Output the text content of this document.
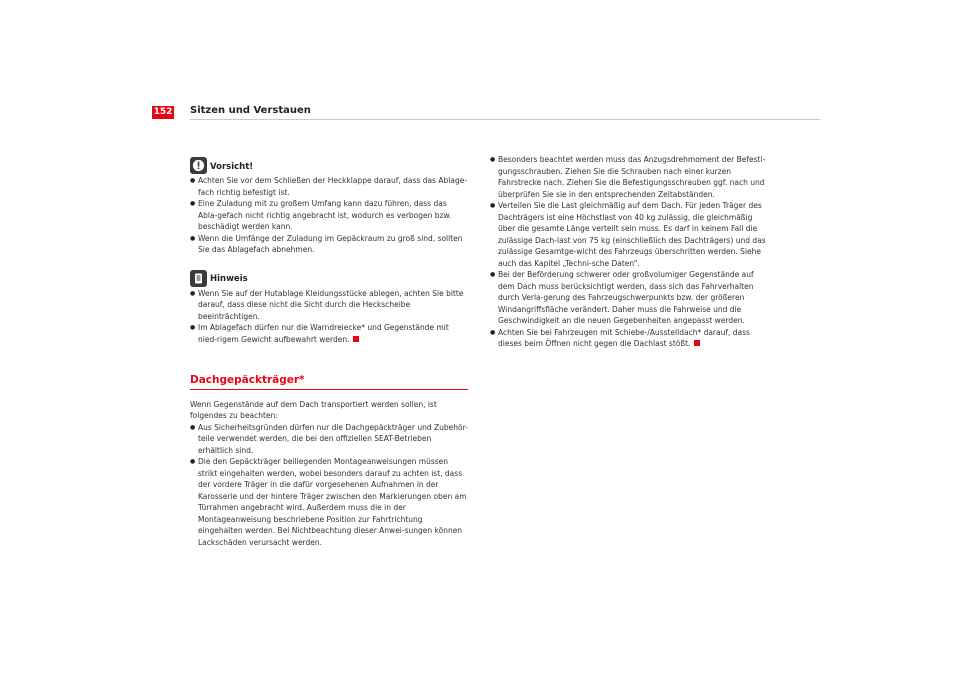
152 Sitzen und Verstauen
Vorsicht!
● Achten Sie vor dem Schließen der Heckklappe darauf, dass das Ablage-fach richtig befestigt ist.
● Eine Zuladung mit zu großem Umfang kann dazu führen, dass das Abla-gefach nicht richtig angebracht ist, wodurch es verbogen bzw. beschädigt werden kann.
● Wenn die Umfänge der Zuladung im Gepäckraum zu groß sind, sollten Sie das Ablagefach abnehmen.
Hinweis
● Wenn Sie auf der Hutablage Kleidungsstücke ablegen, achten Sie bitte darauf, dass diese nicht die Sicht durch die Heckscheibe beeinträchtigen.
● Im Ablagefach dürfen nur die Warndreiecke* und Gegenstände mit nied-rigem Gewicht aufbewahrt werden.
Dachgepäckträger*

Wenn Gegenstände auf dem Dach transportiert werden sollen, ist folgendes zu beachten:

● Aus Sicherheitsgründen dürfen nur die Dachgepäckträger und Zubehör-teile verwendet werden, die bei den offiziellen SEAT-Betrieben erhältlich sind.
● Die den Gepäckträger beiliegenden Montageanweisungen müssen strikt eingehalten werden, wobei besonders darauf zu achten ist, dass der vordere Träger in die dafür vorgesehenen Aufnahmen in der Karosserie und der hintere Träger zwischen den Markierungen oben am Türrahmen angebracht wird. Außerdem muss die in der Montageanweisung beschriebene Position zur Fahrtrichtung eingehalten werden. Bei Nichtbeachtung dieser Anwei-sungen können Lackschäden verursacht werden.
● Besonders beachtet werden muss das Anzugsdrehmoment der Befesti-gungsschrauben. Ziehen Sie die Schrauben nach einer kurzen Fahrstrecke nach. Ziehen Sie die Befestigungsschrauben ggf. nach und überprüfen Sie sie in den entsprechenden Zeitabständen.
● Verteilen Sie die Last gleichmäßig auf dem Dach. Für jeden Träger des Dachträgers ist eine Höchstlast von 40 kg zulässig, die gleichmäßig über die gesamte Länge verteilt sein muss. Es darf in keinem Fall die zulässige Dach-last von 75 kg (einschließlich des Dachträgers) und das zulässige Gesamtge-wicht des Fahrzeugs überschritten werden. Siehe auch das Kapitel „Techni-sche Daten“.
● Bei der Beförderung schwerer oder großvolumiger Gegenstände auf dem Dach muss berücksichtigt werden, dass sich das Fahrverhalten durch Verla-gerung des Fahrzeugschwerpunkts bzw. der größeren Windangriffsfläche verändert. Daher muss die Fahrweise und die Geschwindigkeit an die neuen Gegebenheiten angepasst werden.
● Achten Sie bei Fahrzeugen mit Schiebe-/Ausstelldach* darauf, dass dieses beim Öffnen nicht gegen die Dachlast stößt.
